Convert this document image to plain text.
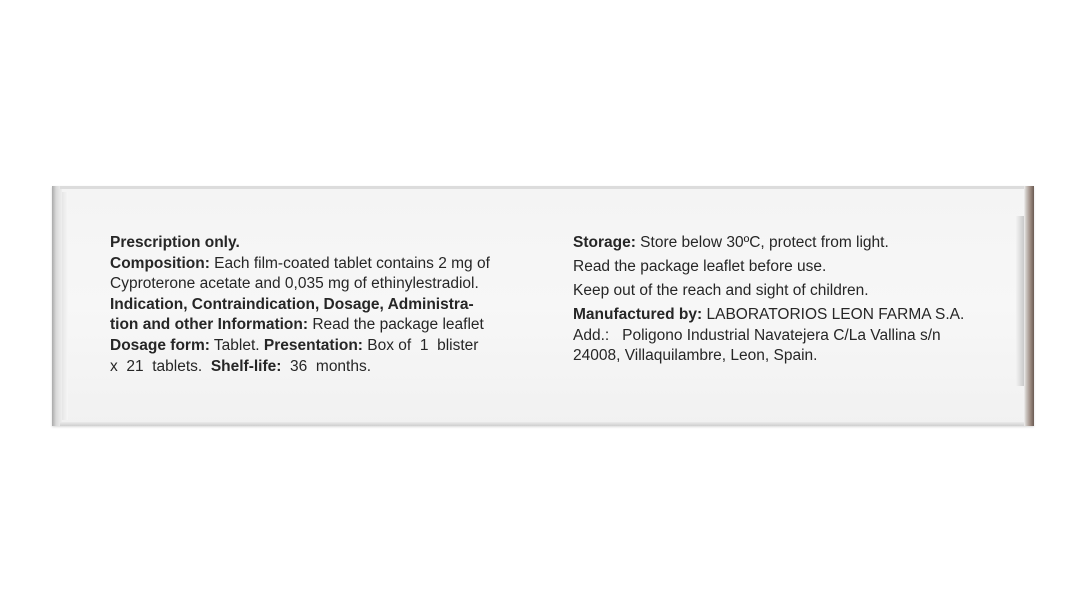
Prescription only.
Composition: Each film-coated tablet contains 2 mg of
Cyproterone acetate and 0,035 mg of ethinylestradiol.
Indication, Contraindication, Dosage, Administra-
tion and other Information: Read the package leaflet
Dosage form: Tablet. Presentation: Box of  1  blister
x  21  tablets.  Shelf-life:  36  months.
Storage: Store below 30ºC, protect from light.
Read the package leaflet before use.
Keep out of the reach and sight of children.
Manufactured by: LABORATORIOS LEON FARMA S.A.
Add.:   Poligono Industrial Navatejera C/La Vallina s/n
24008, Villaquilambre, Leon, Spain.
